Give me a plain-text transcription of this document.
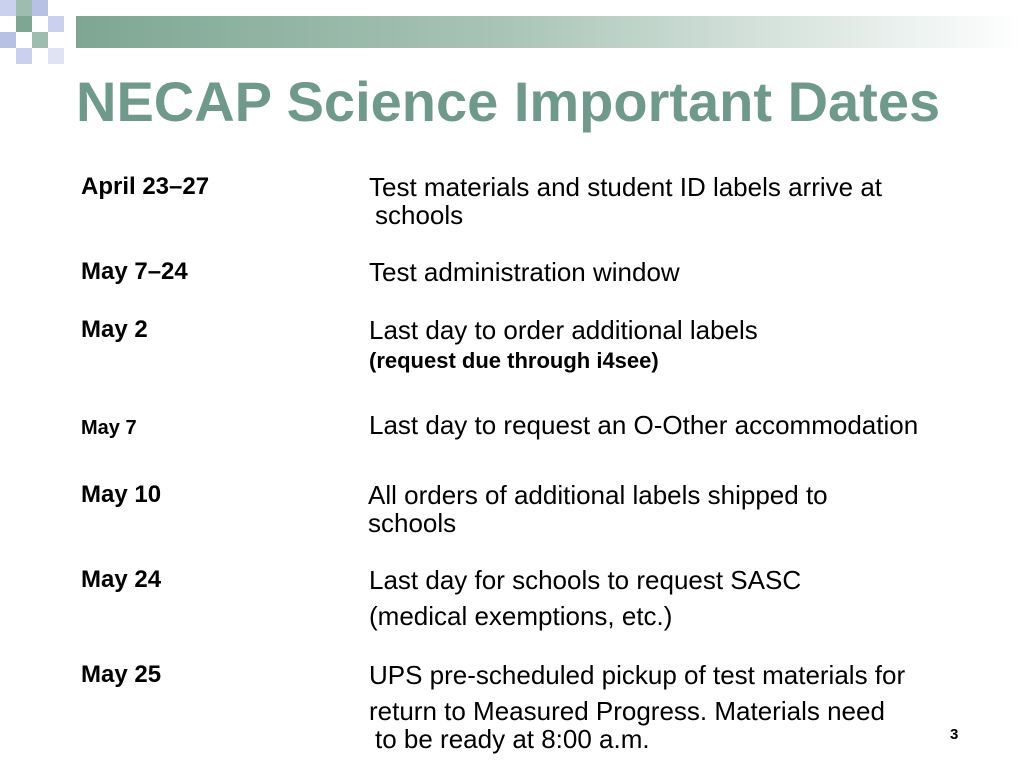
NECAP Science Important Dates
April 23–27	Test materials and student ID labels arrive at
schools
May 7–24	Test administration window
May 2	Last day to order additional labels
(request due through i4see)
May 7	Last day to request an O-Other accommodation
May 10	All orders of additional labels shipped to
schools
May 24	Last day for schools to request SASC
(medical exemptions, etc.)
May 25	UPS pre-scheduled pickup of test materials for
return to Measured Progress. Materials need
to be ready at 8:00 a.m.	3
